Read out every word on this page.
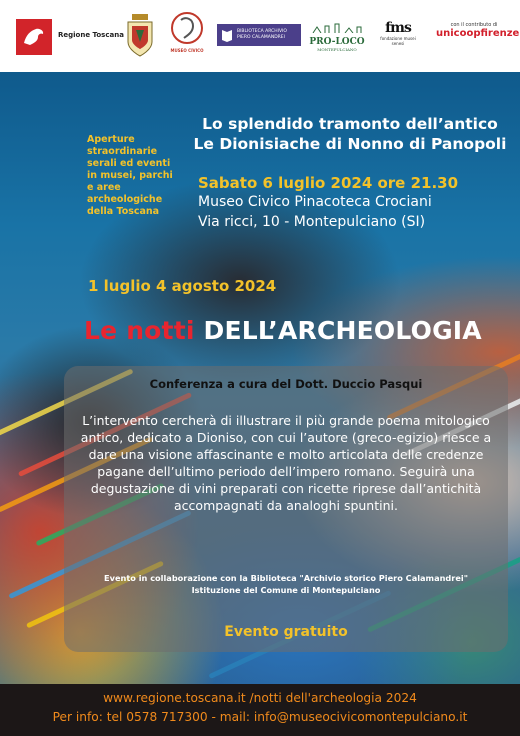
Regione Toscana
MUSEO CIVICO
BIBLIOTECA ARCHIVIO PIERO CALAMANDREI	PRO-LOCO
MONTEPULCIANO
fms
fondazione musei senesi
con il contributo di
unicoopfirenze
Aperture
straordinarie
serali ed eventi
in musei, parchi
e aree
archeologiche
della Toscana
Lo splendido tramonto dell’antico
Le Dionisiache di Nonno di Panopoli
Sabato 6 luglio 2024 ore 21.30
Museo Civico Pinacoteca Crociani
Via ricci, 10 - Montepulciano (SI)
1 luglio 4 agosto 2024
Le notti DELL’ARCHEOLOGIA
Conferenza a cura del Dott. Duccio Pasqui
L’intervento cercherà di illustrare il più grande poema mitologico antico, dedicato a Dioniso, con cui l’autore (greco-egizio) riesce a dare una visione affascinante e molto articolata delle credenze pagane dell’ultimo periodo dell’impero romano. Seguirà una degustazione di vini preparati con ricette riprese dall’antichità accompagnati da analoghi spuntini.
Evento in collaborazione con la Biblioteca "Archivio storico Piero Calamandrei"
Istituzione del Comune di Montepulciano
Evento gratuito
www.regione.toscana.it /notti dell'archeologia 2024
Per info: tel 0578 717300 - mail: info@museocivicomontepulciano.it
